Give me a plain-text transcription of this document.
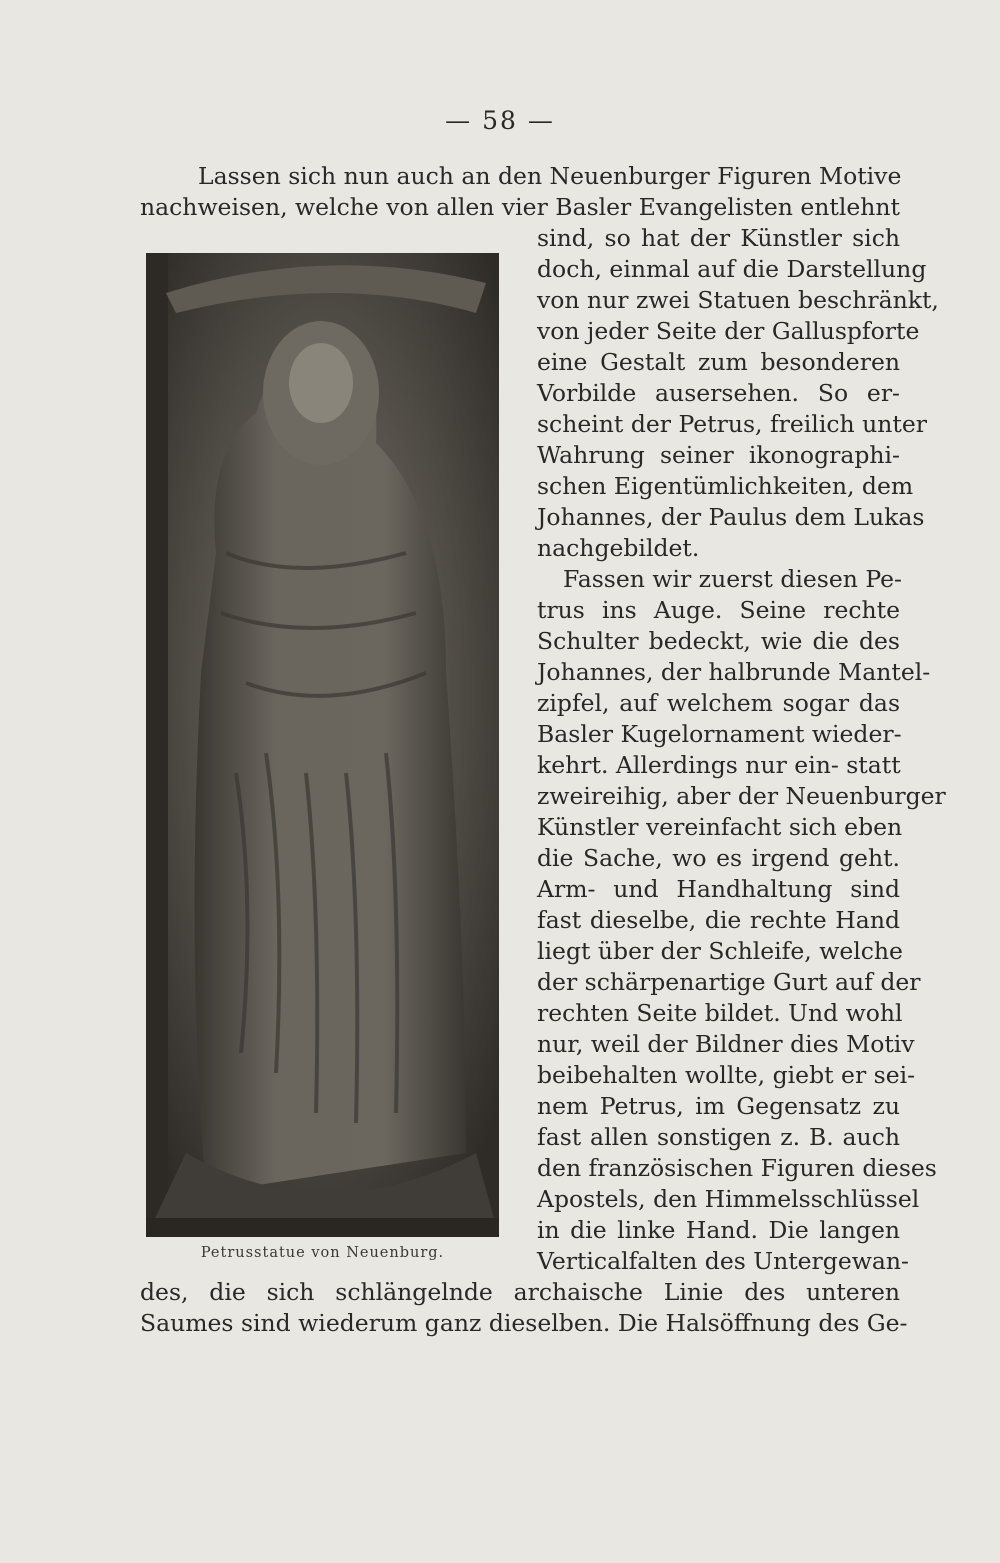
— 58 —
Lassen sich nun auch an den Neuenburger Figuren Motive
nachweisen, welche von allen vier Basler Evangelisten entlehnt
sind, so hat der Künstler sich
doch, einmal auf die Darstellung
von nur zwei Statuen beschränkt,
von jeder Seite der Galluspforte
eine Gestalt zum besonderen
Vorbilde ausersehen. So er-
scheint der Petrus, freilich unter
Wahrung seiner ikonographi-
schen Eigentümlichkeiten, dem
Johannes, der Paulus dem Lukas
nachgebildet.
Fassen wir zuerst diesen Pe-
trus ins Auge. Seine rechte
Schulter bedeckt, wie die des
Johannes, der halbrunde Mantel-
zipfel, auf welchem sogar das
Basler Kugelornament wieder-
kehrt. Allerdings nur ein- statt
zweireihig, aber der Neuenburger
Künstler vereinfacht sich eben
die Sache, wo es irgend geht.
Arm- und Handhaltung sind
fast dieselbe, die rechte Hand
liegt über der Schleife, welche
der schärpenartige Gurt auf der
rechten Seite bildet. Und wohl
nur, weil der Bildner dies Motiv
beibehalten wollte, giebt er sei-
nem Petrus, im Gegensatz zu
fast allen sonstigen z. B. auch
den französischen Figuren dieses
Apostels, den Himmelsschlüssel
in die linke Hand. Die langen
Verticalfalten des Untergewan-
des, die sich schlängelnde archaische Linie des unteren
Saumes sind wiederum ganz dieselben. Die Halsöffnung des Ge-
Petrusstatue von Neuenburg.
